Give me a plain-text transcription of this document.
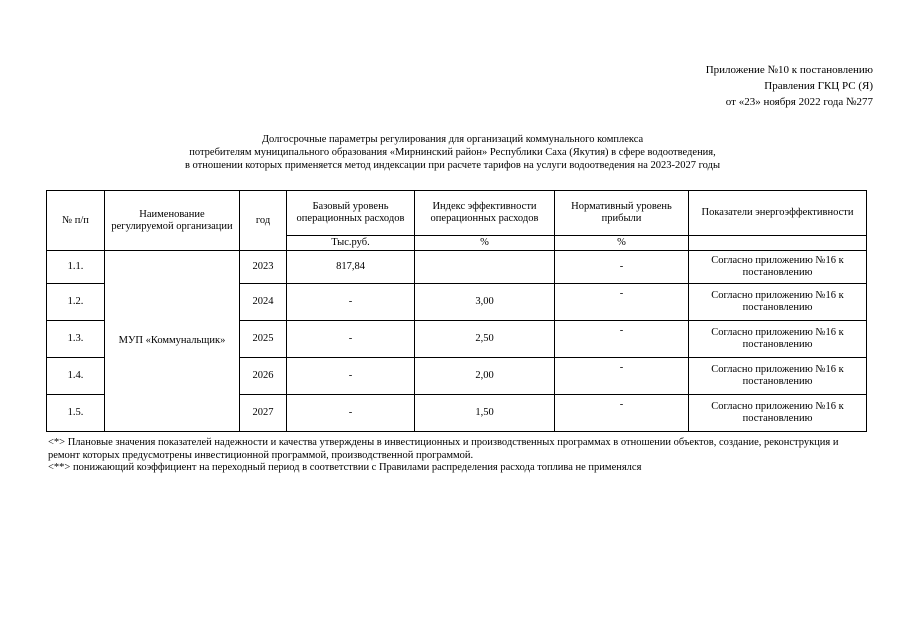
Приложение №10 к постановлению
Правления ГКЦ РС (Я)
от «23» ноября 2022 года №277
Долгосрочные параметры регулирования для организаций коммунального комплекса
потребителям муниципального образования «Мирнинский район» Республики Саха (Якутия) в сфере водоотведения,
в отношении которых применяется метод индексации при расчете тарифов на услуги водоотведения на 2023-2027 годы
№ п/п	Наименование регулируемой организации	год	Базовый уровень операционных расходов	Индекс эффективности операционных расходов	Нормативный уровень прибыли	Показатели энергоэффективности
			Тыс.руб.	%	%	
1.1.	МУП «Коммунальщик»	2023	817,84		-	Согласно приложению №16 к постановлению
1.2.		2024	-	3,00	-	Согласно приложению №16 к постановлению
1.3.		2025	-	2,50	-	Согласно приложению №16 к постановлению
1.4.		2026	-	2,00	-	Согласно приложению №16 к постановлению
1.5.		2027	-	1,50	-	Согласно приложению №16 к постановлению

<*> Плановые значения показателей надежности и качества утверждены в инвестиционных и производственных программах в отношении объектов, создание, реконструкция и ремонт которых предусмотрены инвестиционной программой, производственной программой.

<**> понижающий коэффициент на переходный период в соответствии с Правилами распределения расхода топлива не применялся
